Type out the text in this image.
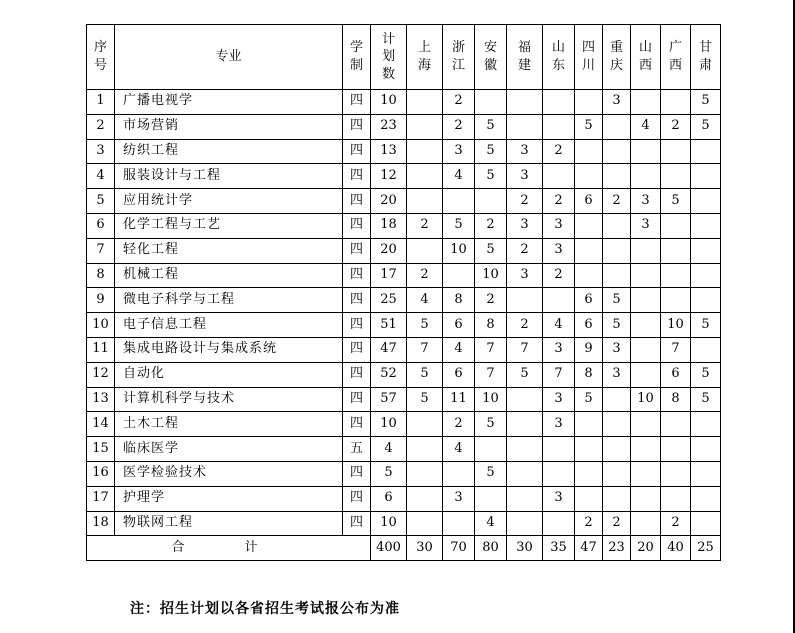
序号	专业	学制	计划数	上海	浙江	安徽	福建	山东	四川	重庆	山西	广西	甘肃
1	广播电视学	四	10		2					3			5
2	市场营销	四	23		2	5			5		4	2	5
3	纺织工程	四	13		3	5	3	2					
4	服装设计与工程	四	12		4	5	3						
5	应用统计学	四	20				2	2	6	2	3	5	
6	化学工程与工艺	四	18	2	5	2	3	3			3		
7	轻化工程	四	20		10	5	2	3					
8	机械工程	四	17	2		10	3	2					
9	微电子科学与工程	四	25	4	8	2			6	5			
10	电子信息工程	四	51	5	6	8	2	4	6	5		10	5
11	集成电路设计与集成系统	四	47	7	4	7	7	3	9	3		7	
12	自动化	四	52	5	6	7	5	7	8	3		6	5
13	计算机科学与技术	四	57	5	11	10		3	5		10	8	5
14	土木工程	四	10		2	5		3					
15	临床医学	五	4		4								
16	医学检验技术	四	5			5							
17	护理学	四	6		3			3					
18	物联网工程	四	10			4			2	2		2	
合 计			400	30	70	80	30	35	47	23	20	40	25
注：招生计划以各省招生考试报公布为准
